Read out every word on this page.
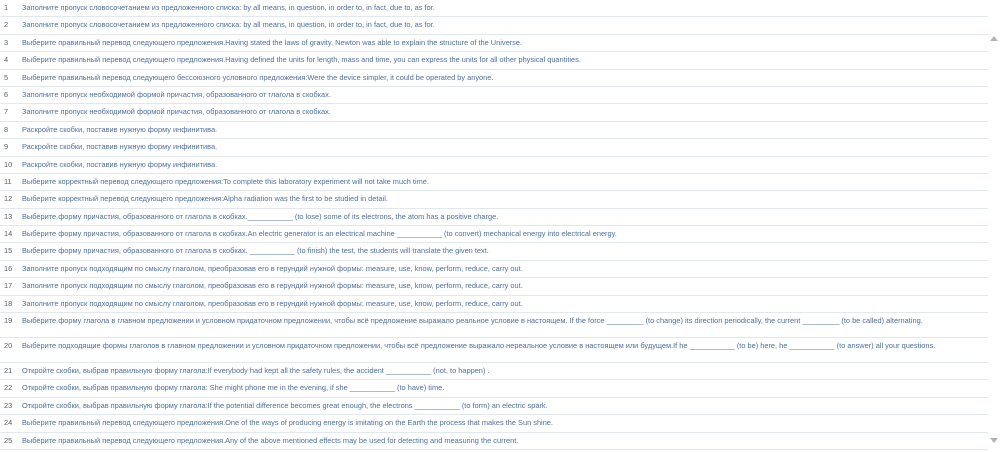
1	Заполните пропуск словосочетанием из предложенного списка: by all means, in question, in order to, in fact, due to, as for.
2	Заполните пропуск словосочетанием из предложенного списка: by all means, in question, in order to, in fact, due to, as for.
3	Выберите правильный перевод следующего предложения.Having stated the laws of gravity, Newton was able to explain the structure of the Universe.
4	Выберите правильный перевод следующего предложения.Having defined the units for length, mass and time, you can express the units for all other physical quantities.
5	Выберите правильный перевод следующего бессоюзного условного предложения:Were the device simpler, it could be operated by anyone.
6	Заполните пропуск необходимой формой причастия, образованного от глагола в скобках.
7	Заполните пропуск необходимой формой причастия, образованного от глагола в скобках.
8	Раскройте скобки, поставив нужную форму инфинитива.
9	Раскройте скобки, поставив нужную форму инфинитива.
10	Раскройте скобки, поставив нужную форму инфинитива.
11	Выберите корректный перевод следующего предложения:To complete this laboratory experiment will not take much time.
12	Выберите корректный перевод следующего предложения:Alpha radiation was the first to be studied in detail.
13	Выберите форму причастия, образованного от глагола в скобках.___________ (to lose) some of its electrons, the atom has a positive charge.
14	Выберите форму причастия, образованного от глагола в скобках.An electric generator is an electrical machine ___________ (to convert) mechanical energy into electrical energy.
15	Выберите форму причастия, образованного от глагола в скобках. ___________ (to finish) the test, the students will translate the given text.
16	Заполните пропуск подходящим по смыслу глаголом, преобразовав его в герундий нужной формы: measure, use, know, perform, reduce, carry out.
17	Заполните пропуск подходящим по смыслу глаголом, преобразовав его в герундий нужной формы: measure, use, know, perform, reduce, carry out.
18	Заполните пропуск подходящим по смыслу глаголом, преобразовав его в герундий нужной формы: measure, use, know, perform, reduce, carry out.
19	Выберите форму глагола в главном предложении и условном придаточном предложении, чтобы всё предложение выражало реальное условие в настоящем. If the force _________ (to change) its direction periodically, the current _________ (to be called) alternating.
20	Выберите подходящие формы глаголов в главном предложении и условном придаточном предложении, чтобы всё предложение выражало нереальное условие в настоящем или будущем.If he ___________ (to be) here, he ___________ (to answer) all your questions.
21	Откройте скобки, выбрав правильную форму глагола:If everybody had kept all the safety rules, the accident ___________ (not, to happen) .
22	Откройте скобки, выбрав правильную форму глагола: She might phone me in the evening, if she ___________ (to have) time.
23	Откройте скобки, выбрав правильную форму глагола:If the potential difference becomes great enough, the electrons ___________ (to form) an electric spark.
24	Выберите правильный перевод следующего предложения.One of the ways of producing energy is imitating on the Earth the process that makes the Sun shine.
25	Выберите правильный перевод следующего предложения.Any of the above mentioned effects may be used for detecting and measuring the current.
